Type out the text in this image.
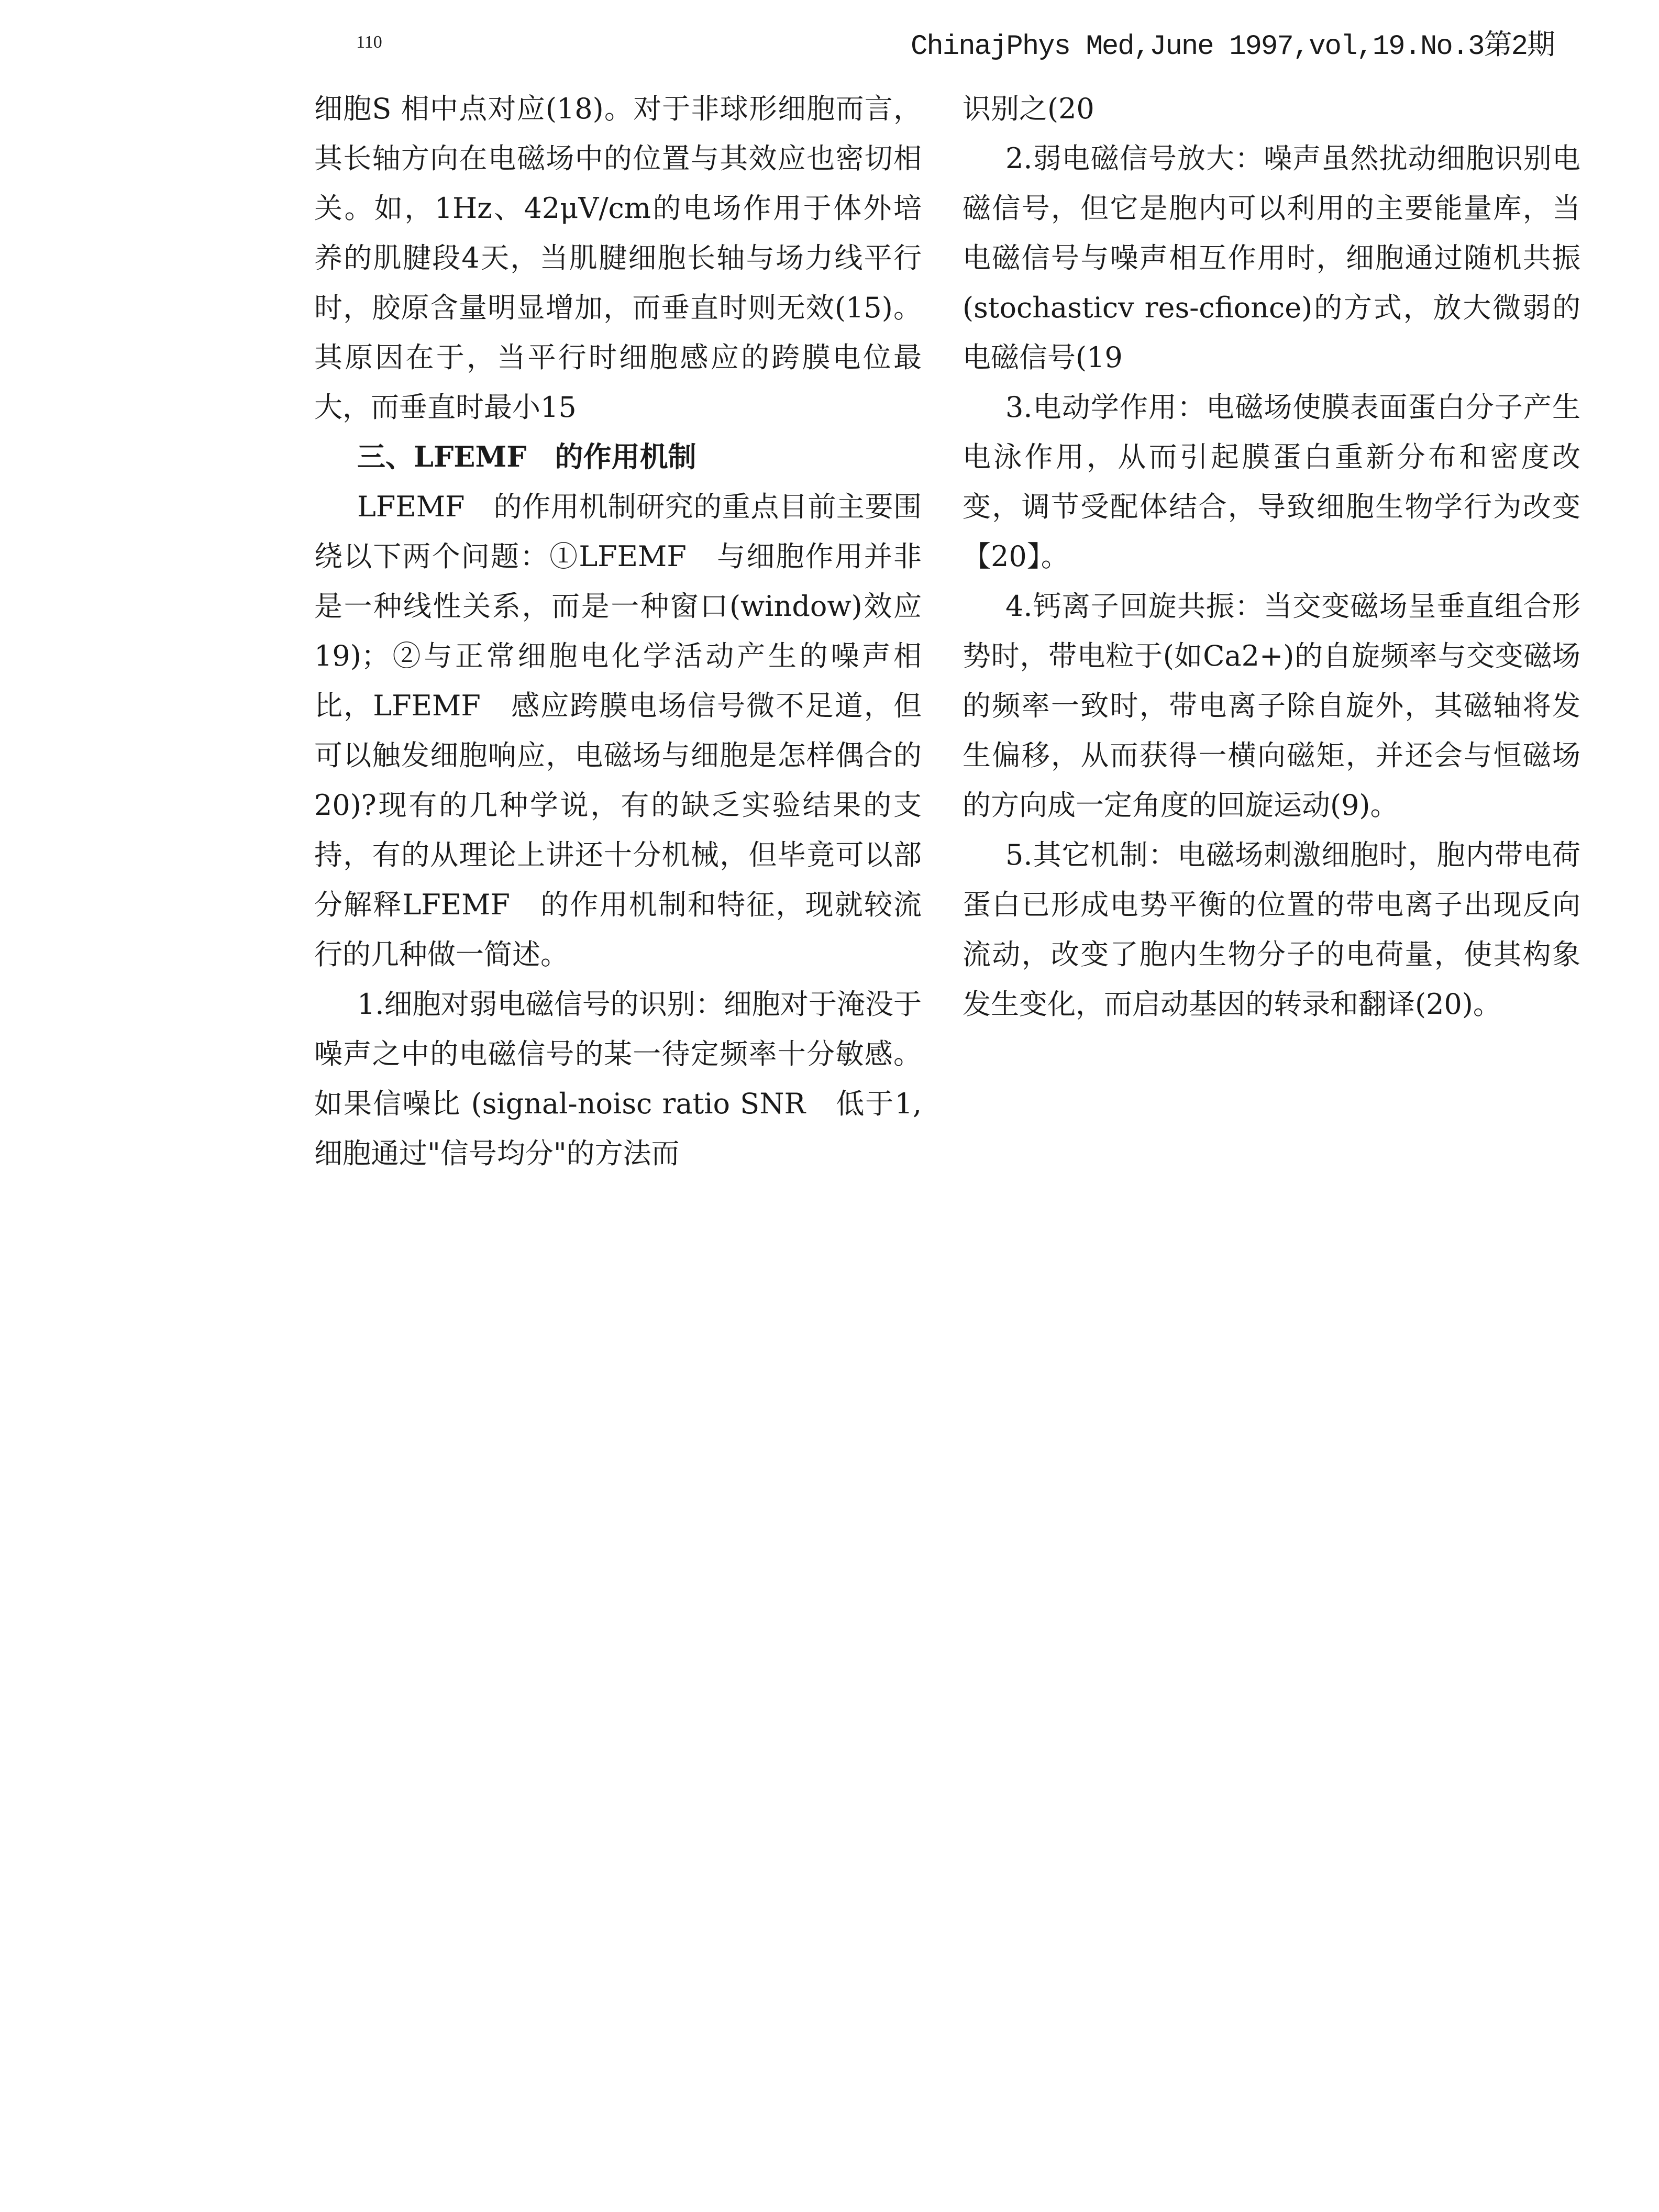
110	ChinajPhys Med,June 1997,vol,19.No.3第2期

细胞S 相中点对应(18)。对于非球形细胞而言，其长轴方向在电磁场中的位置与其效应也密切相关。如，1Hz、42μV/cm的电场作用于体外培养的肌腱段4天，当肌腱细胞长轴与场力线平行时，胶原含量明显增加，而垂直时则无效(15)。其原因在于，当平行时细胞感应的跨膜电位最大，而垂直时最小15

三、LFEMF　的作用机制

LFEMF　的作用机制研究的重点目前主要围绕以下两个问题：①LFEMF　与细胞作用并非是一种线性关系，而是一种窗口(window)效应19)；②与正常细胞电化学活动产生的噪声相比，LFEMF　感应跨膜电场信号微不足道，但可以触发细胞响应，电磁场与细胞是怎样偶合的20)?现有的几种学说，有的缺乏实验结果的支持，有的从理论上讲还十分机械，但毕竟可以部分解释LFEMF　的作用机制和特征，现就较流行的几种做一简述。

1.细胞对弱电磁信号的识别：细胞对于淹没于噪声之中的电磁信号的某一待定频率十分敏感。如果信噪比 (signal-noisc ratio SNR　低于1,细胞通过"信号均分"的方法而

识别之(20

2.弱电磁信号放大：噪声虽然扰动细胞识别电磁信号，但它是胞内可以利用的主要能量库，当电磁信号与噪声相互作用时，细胞通过随机共振(stochasticv res-cfionce)的方式，放大微弱的电磁信号(19

3.电动学作用：电磁场使膜表面蛋白分子产生电泳作用，从而引起膜蛋白重新分布和密度改变，调节受配体结合，导致细胞生物学行为改变【20】。

4.钙离子回旋共振：当交变磁场呈垂直组合形势时，带电粒于(如Ca2+)的自旋频率与交变磁场的频率一致时，带电离子除自旋外，其磁轴将发生偏移，从而获得一横向磁矩，并还会与恒磁场的方向成一定角度的回旋运动(9)。

5.其它机制：电磁场刺激细胞时，胞内带电荷蛋白已形成电势平衡的位置的带电离子出现反向流动，改变了胞内生物分子的电荷量，使其构象发生变化，而启动基因的转录和翻译(20)。
